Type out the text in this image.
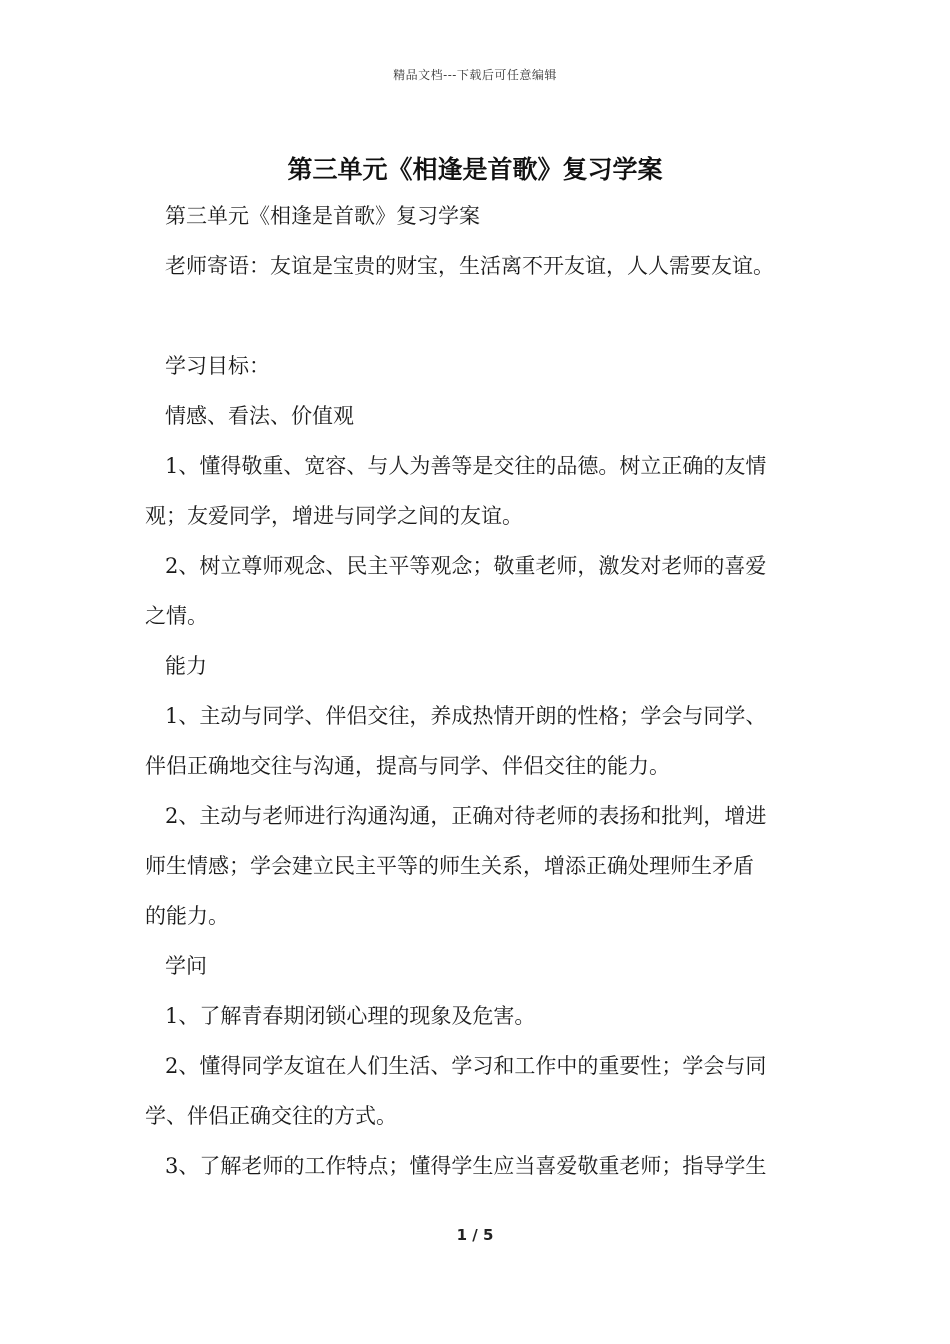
精品文档---下载后可任意编辑
第三单元《相逢是首歌》复习学案
第三单元《相逢是首歌》复习学案
老师寄语：友谊是宝贵的财宝，生活离不开友谊，人人需要友谊。
学习目标：
情感、看法、价值观
1、懂得敬重、宽容、与人为善等是交往的品德。树立正确的友情
观；友爱同学，增进与同学之间的友谊。
2、树立尊师观念、民主平等观念；敬重老师，激发对老师的喜爱
之情。
能力
1、主动与同学、伴侣交往，养成热情开朗的性格；学会与同学、
伴侣正确地交往与沟通，提高与同学、伴侣交往的能力。
2、主动与老师进行沟通沟通，正确对待老师的表扬和批判，增进
师生情感；学会建立民主平等的师生关系，增添正确处理师生矛盾
的能力。
学问
1、了解青春期闭锁心理的现象及危害。
2、懂得同学友谊在人们生活、学习和工作中的重要性；学会与同
学、伴侣正确交往的方式。
3、了解老师的工作特点；懂得学生应当喜爱敬重老师；指导学生
1 / 5
